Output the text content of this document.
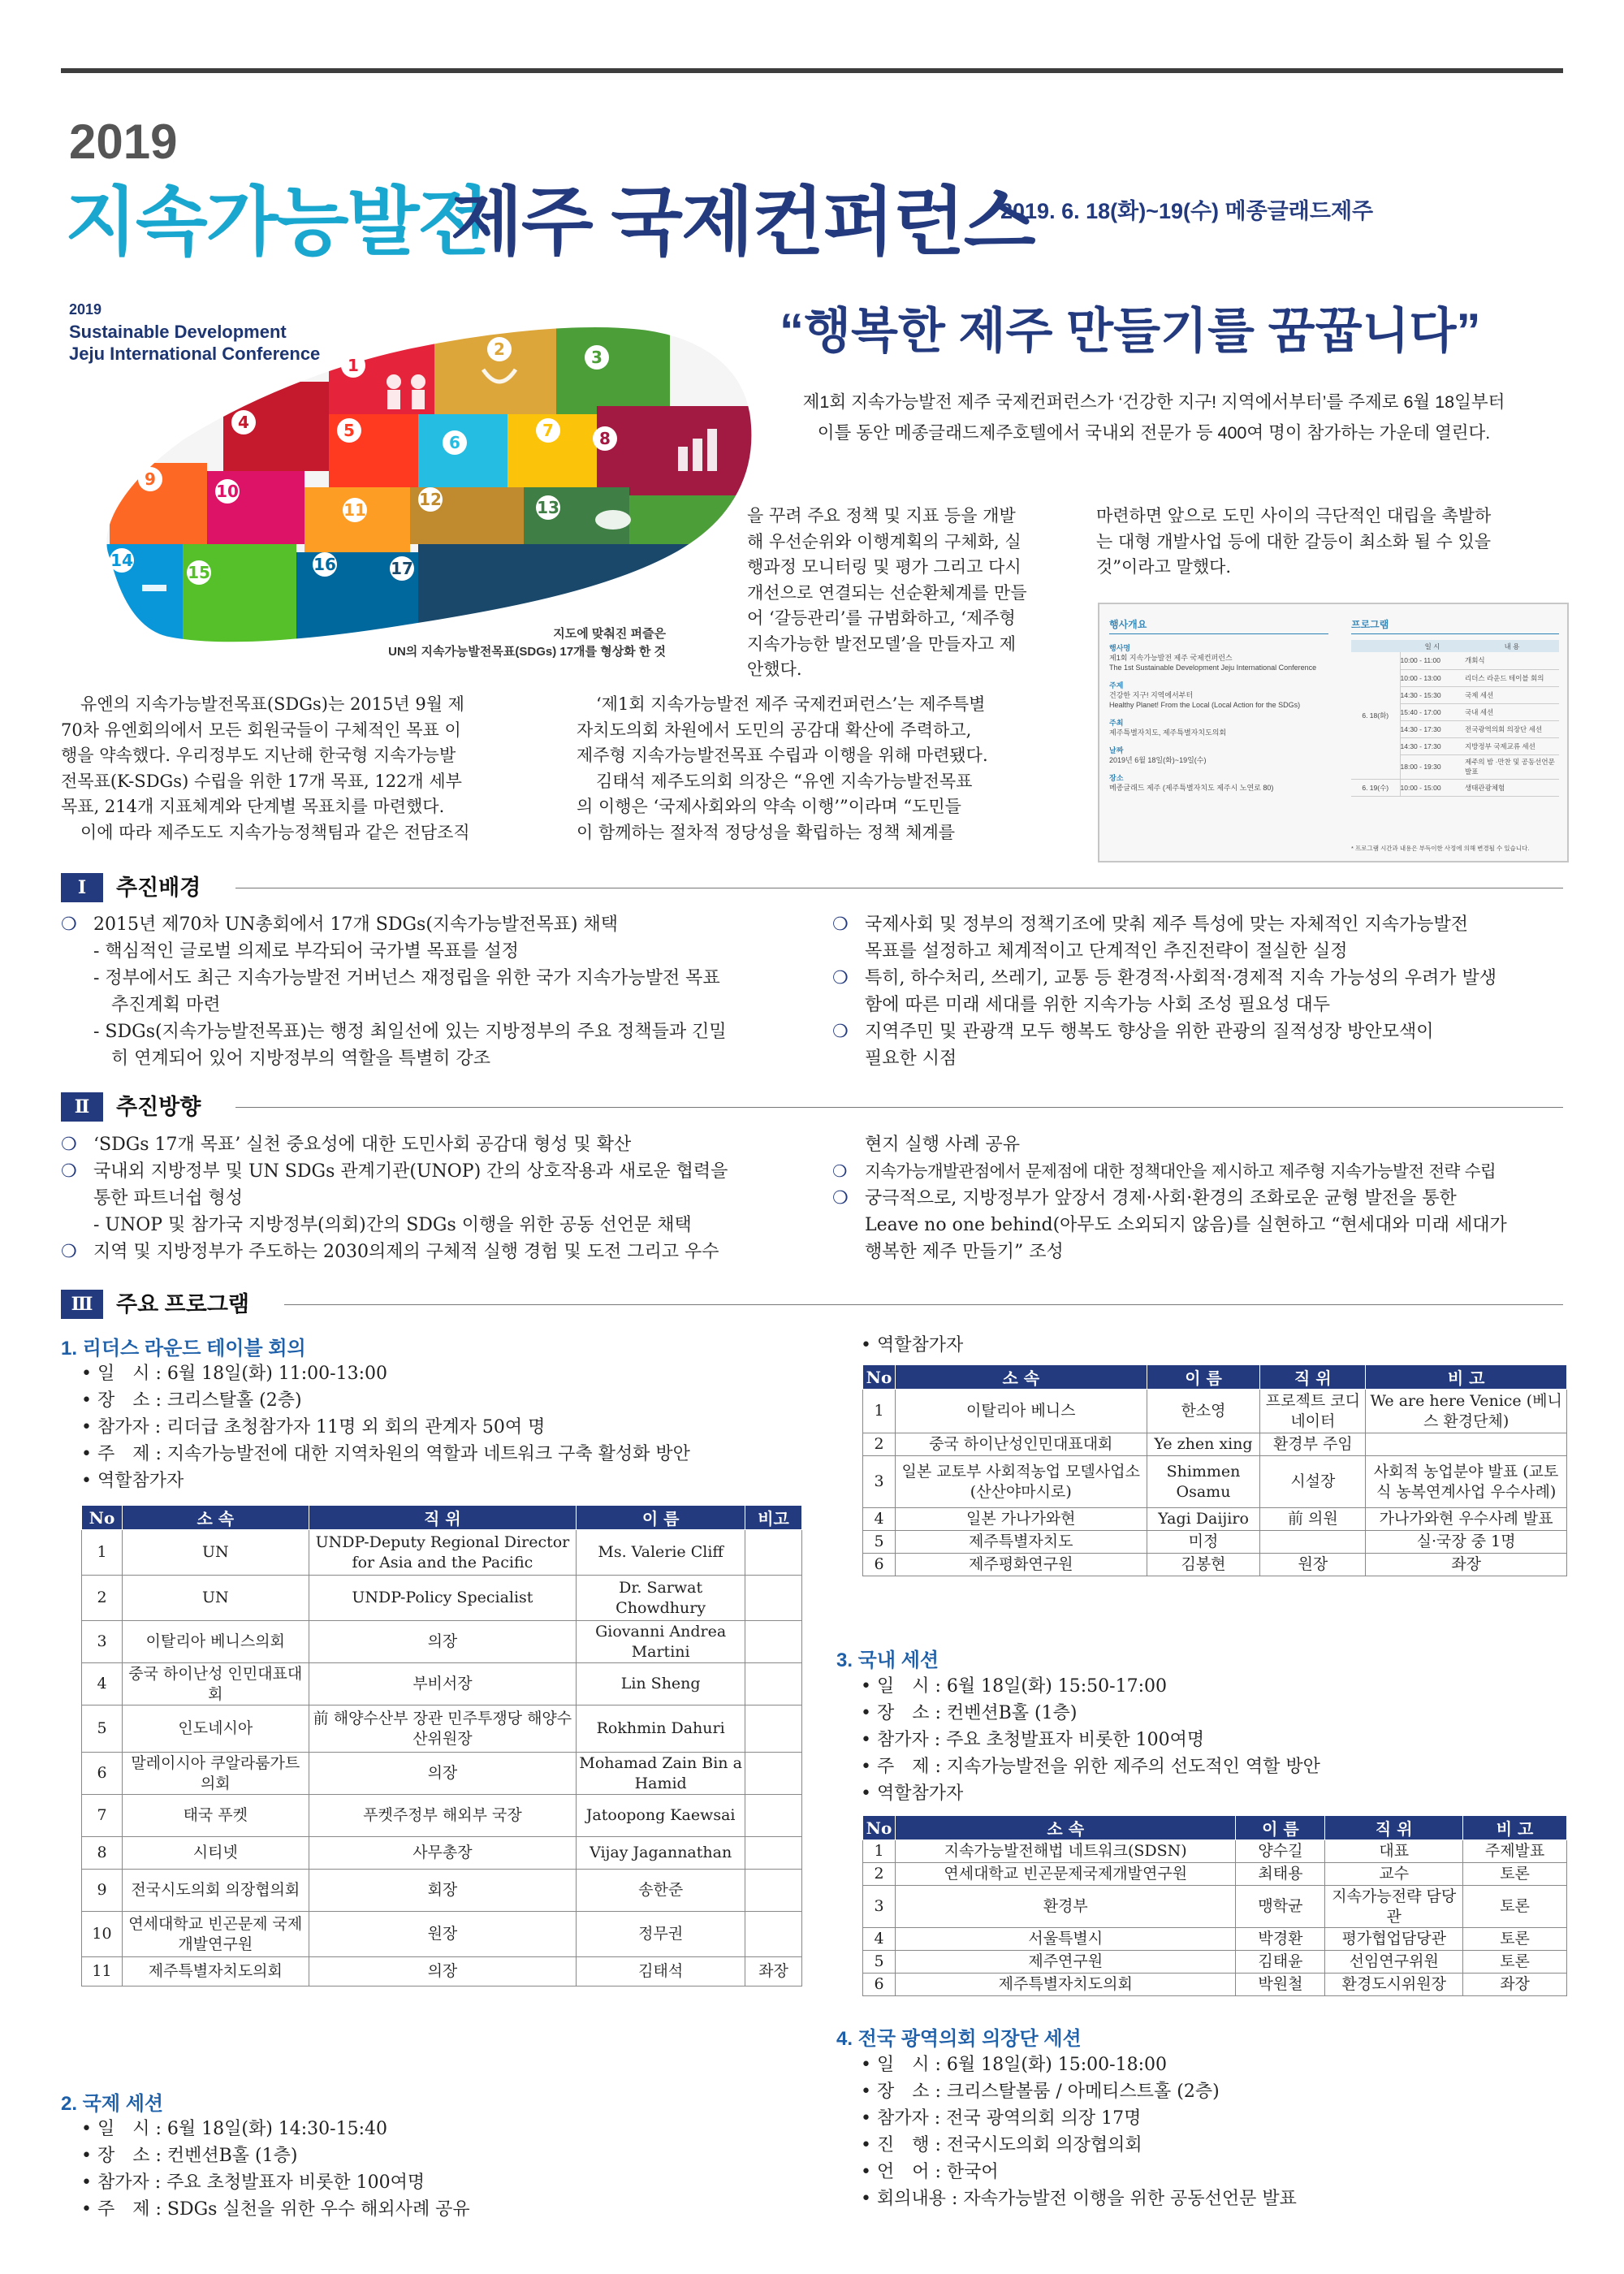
2019
지속가능발전
제주 국제컨퍼런스
2019. 6. 18(화)~19(수) 메종글래드제주
1
2	3
4	5
6
7	8
9
10
11
12	13
14
15	16	17
2019
Sustainable Development
Jeju International Conference
지도에 맞춰진 퍼즐은
UN의 지속가능발전목표(SDGs) 17개를 형상화 한 것
“행복한 제주 만들기를 꿈꿉니다”
제1회 지속가능발전 제주 국제컨퍼런스가 ‘건강한 지구! 지역에서부터’를 주제로 6월 18일부터
이틀 동안 메종글래드제주호텔에서 국내외 전문가 등 400여 명이 참가하는 가운데 열린다.
유엔의 지속가능발전목표(SDGs)는 2015년 9월 제
70차 유엔회의에서 모든 회원국들이 구체적인 목표 이
행을 약속했다. 우리정부도 지난해 한국형 지속가능발
전목표(K-SDGs) 수립을 위한 17개 목표, 122개 세부
목표, 214개 지표체계와 단계별 목표치를 마련했다.
이에 따라 제주도도 지속가능정책팀과 같은 전담조직
을 꾸려 주요 정책 및 지표 등을 개발
해 우선순위와 이행계획의 구체화, 실
행과정 모니터링 및 평가 그리고 다시
개선으로 연결되는 선순환체계를 만들
어 ‘갈등관리’를 규범화하고, ‘제주형
지속가능한 발전모델’을 만들자고 제
안했다.
‘제1회 지속가능발전 제주 국제컨퍼런스’는 제주특별
자치도의회 차원에서 도민의 공감대 확산에 주력하고,
제주형 지속가능발전목표 수립과 이행을 위해 마련됐다.
김태석 제주도의회 의장은 “유엔 지속가능발전목표
의 이행은 ‘국제사회와의 약속 이행’”이라며 “도민들
이 함께하는 절차적 정당성을 확립하는 정책 체계를
마련하면 앞으로 도민 사이의 극단적인 대립을 촉발하
는 대형 개발사업 등에 대한 갈등이 최소화 될 수 있을
것”이라고 말했다.
행사개요	프로그램
행사명
제1회 지속가능발전 제주 국제컨퍼런스
The 1st Sustainable Development Jeju International Conference
주제
건강한 지구! 지역에서부터
Healthy Planet! From the Local (Local Action for the SDGs)
주최
제주특별자치도, 제주특별자치도의회
날짜
2019년 6월 18일(화)~19일(수)
장소
메종글래드 제주 (제주특별자치도 제주시 노연로 80)
	일 시	내 용
6. 18(화)	10:00 - 11:00	개회식
	10:00 - 13:00	리더스 라운드 테이블 회의
	14:30 - 15:30	국제 세션
	15:40 - 17:00	국내 세션
	14:30 - 17:30	전국광역의회 의장단 세션
	14:30 - 17:30	지방정부 국제교류 세션
	18:00 - 19:30	제주의 밤 ·만찬 및 공동선언문 발표
6. 19(수)	10:00 - 15:00	생태관광체험
* 프로그램 시간과 내용은 부득이한 사정에 의해 변경될 수 있습니다.
Ⅰ	추진배경
❍ 2015년 제70차 UN총회에서 17개 SDGs(지속가능발전목표) 채택
- 핵심적인 글로벌 의제로 부각되어 국가별 목표를 설정
- 정부에서도 최근 지속가능발전 거버넌스 재정립을 위한 국가 지속가능발전 목표
추진계획 마련
- SDGs(지속가능발전목표)는 행정 최일선에 있는 지방정부의 주요 정책들과 긴밀
히 연계되어 있어 지방정부의 역할을 특별히 강조
❍ 국제사회 및 정부의 정책기조에 맞춰 제주 특성에 맞는 자체적인 지속가능발전
목표를 설정하고 체계적이고 단계적인 추진전략이 절실한 실정
❍ 특히, 하수처리, 쓰레기, 교통 등 환경적·사회적·경제적 지속 가능성의 우려가 발생
함에 따른 미래 세대를 위한 지속가능 사회 조성 필요성 대두
❍ 지역주민 및 관광객 모두 행복도 향상을 위한 관광의 질적성장 방안모색이
필요한 시점
Ⅱ	추진방향
❍ ‘SDGs 17개 목표’ 실천 중요성에 대한 도민사회 공감대 형성 및 확산
❍ 국내외 지방정부 및 UN SDGs 관계기관(UNOP) 간의 상호작용과 새로운 협력을
통한 파트너쉽 형성
- UNOP 및 참가국 지방정부(의회)간의 SDGs 이행을 위한 공동 선언문 채택
❍ 지역 및 지방정부가 주도하는 2030의제의 구체적 실행 경험 및 도전 그리고 우수
현지 실행 사례 공유
❍ 지속가능개발관점에서 문제점에 대한 정책대안을 제시하고 제주형 지속가능발전 전략 수립
❍ 궁극적으로, 지방정부가 앞장서 경제·사회·환경의 조화로운 균형 발전을 통한
Leave no one behind(아무도 소외되지 않음)를 실현하고 “현세대와 미래 세대가
행복한 제주 만들기” 조성
Ⅲ	주요 프로그램
1. 리더스 라운드 테이블 회의
• 일　시 : 6월 18일(화) 11:00-13:00
• 장　소 : 크리스탈홀 (2층)
• 참가자 : 리더급 초청참가자 11명 외 회의 관계자 50여 명
• 주　제 : 지속가능발전에 대한 지역차원의 역할과 네트워크 구축 활성화 방안
• 역할참가자
No	소 속	직 위	이 름	비고
1	UN	UNDP-Deputy Regional Director for Asia and the Pacific	Ms. Valerie Cliff	
2	UN	UNDP-Policy Specialist	Dr. Sarwat Chowdhury	
3	이탈리아 베니스의회	의장	Giovanni Andrea Martini	
4	중국 하이난성 인민대표대회	부비서장	Lin Sheng	
5	인도네시아	前 해양수산부 장관 민주투쟁당 해양수산위원장	Rokhmin Dahuri	
6	말레이시아 쿠알라룸가트의회	의장	Mohamad Zain Bin a Hamid	
7	태국 푸켓	푸켓주정부 해외부 국장	Jatoopong Kaewsai	
8	시티넷	사무총장	Vijay Jagannathan	
9	전국시도의회 의장협의회	회장	송한준	
10	연세대학교 빈곤문제 국제개발연구원	원장	정무권	
11	제주특별자치도의회	의장	김태석	좌장
2. 국제 세션
• 일　시 : 6월 18일(화) 14:30-15:40
• 장　소 : 컨벤션B홀 (1층)
• 참가자 : 주요 초청발표자 비롯한 100여명
• 주　제 : SDGs 실천을 위한 우수 해외사례 공유
• 역할참가자
No	소 속	이 름	직 위	비 고
1	이탈리아 베니스	한소영	프로젝트 코디네이터	We are here Venice (베니스 환경단체)
2	중국 하이난성인민대표대회	Ye zhen xing	환경부 주임	
3	일본 교토부 사회적농업 모델사업소 (산산야마시로)	Shimmen Osamu	시설장	사회적 농업분야 발표 (교토식 농복연계사업 우수사례)
4	일본 가나가와현	Yagi Daijiro	前 의원	가나가와현 우수사례 발표
5	제주특별자치도	미정		실·국장 중 1명
6	제주평화연구원	김봉현	원장	좌장
3. 국내 세션
• 일　시 : 6월 18일(화) 15:50-17:00
• 장　소 : 컨벤션B홀 (1층)
• 참가자 : 주요 초청발표자 비롯한 100여명
• 주　제 : 지속가능발전을 위한 제주의 선도적인 역할 방안
• 역할참가자
No	소 속	이 름	직 위	비 고
1	지속가능발전해법 네트워크(SDSN)	양수길	대표	주제발표
2	연세대학교 빈곤문제국제개발연구원	최태용	교수	토론
3	환경부	맹학균	지속가능전략 담당관	토론
4	서울특별시	박경환	평가협업담당관	토론
5	제주연구원	김태윤	선임연구위원	토론
6	제주특별자치도의회	박원철	환경도시위원장	좌장
4. 전국 광역의회 의장단 세션
• 일　시 : 6월 18일(화) 15:00-18:00
• 장　소 : 크리스탈볼룸 / 아메티스트홀 (2층)
• 참가자 : 전국 광역의회 의장 17명
• 진　행 : 전국시도의회 의장협의회
• 언　어 : 한국어
• 회의내용 : 자속가능발전 이행을 위한 공동선언문 발표
